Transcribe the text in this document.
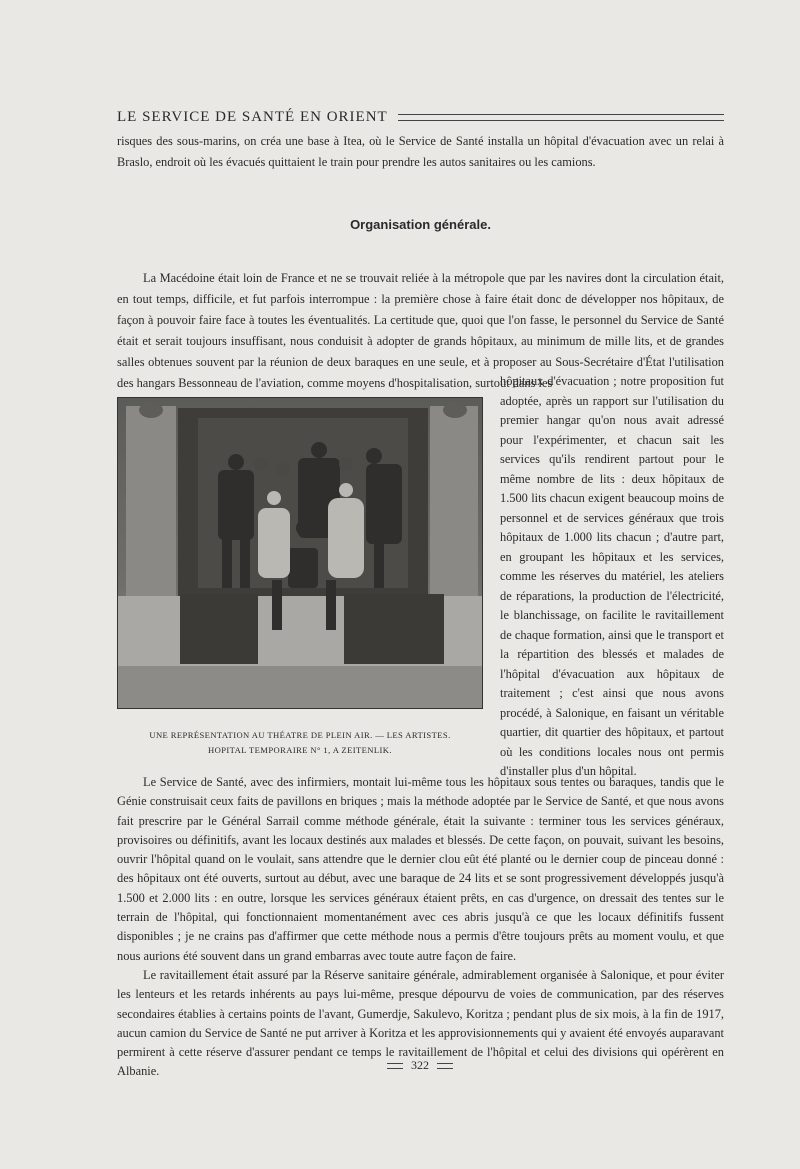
LE SERVICE DE SANTÉ EN ORIENT
risques des sous-marins, on créa une base à Itea, où le Service de Santé installa un hôpital d'évacuation avec un relai à Braslo, endroit où les évacués quittaient le train pour prendre les autos sanitaires ou les camions.
Organisation générale.

La Macédoine était loin de France et ne se trouvait reliée à la métropole que par les navires dont la circulation était, en tout temps, difficile, et fut parfois interrompue : la première chose à faire était donc de développer nos hôpitaux, de façon à pouvoir faire face à toutes les éventualités. La certitude que, quoi que l'on fasse, le personnel du Service de Santé était et serait toujours insuffisant, nous conduisit à adopter de grands hôpitaux, au minimum de mille lits, et de grandes salles obtenues souvent par la réunion de deux baraques en une seule, et à proposer au Sous-Secrétaire d'État l'utilisation des hangars Bessonneau de l'aviation, comme moyens d'hospitalisation, surtout dans les

UNE REPRÉSENTATION AU THÉATRE DE PLEIN AIR. — LES ARTISTES.
HOPITAL TEMPORAIRE N° 1, A ZEITENLIK.

hôpitaux d'évacuation ; notre proposition fut adoptée, après un rapport sur l'utilisation du premier hangar qu'on nous avait adressé pour l'expérimenter, et chacun sait les services qu'ils rendirent partout pour le même nombre de lits : deux hôpitaux de 1.500 lits chacun exigent beaucoup moins de personnel et de services généraux que trois hôpitaux de 1.000 lits chacun ; d'autre part, en groupant les hôpitaux et les services, comme les réserves du matériel, les ateliers de réparations, la production de l'électricité, le blanchissage, on facilite le ravitaillement de chaque formation, ainsi que le transport et la répartition des blessés et malades de l'hôpital d'évacuation aux hôpitaux de traitement ; c'est ainsi que nous avons procédé, à Salonique, en faisant un véritable quartier, dit quartier des hôpitaux, et partout où les conditions locales nous ont permis d'installer plus d'un hôpital.

Le Service de Santé, avec des infirmiers, montait lui-même tous les hôpitaux sous tentes ou baraques, tandis que le Génie construisait ceux faits de pavillons en briques ; mais la méthode adoptée par le Service de Santé, et que nous avons fait prescrire par le Général Sarrail comme méthode générale, était la suivante : terminer tous les services généraux, provisoires ou définitifs, avant les locaux destinés aux malades et blessés. De cette façon, on pouvait, suivant les besoins, ouvrir l'hôpital quand on le voulait, sans attendre que le dernier clou eût été planté ou le dernier coup de pinceau donné : des hôpitaux ont été ouverts, surtout au début, avec une baraque de 24 lits et se sont progressivement développés jusqu'à 1.500 et 2.000 lits : en outre, lorsque les services généraux étaient prêts, en cas d'urgence, on dressait des tentes sur le terrain de l'hôpital, qui fonctionnaient momentanément avec ces abris jusqu'à ce que les locaux définitifs fussent disponibles ; je ne crains pas d'affirmer que cette méthode nous a permis d'être toujours prêts au moment voulu, et que nous aurions été souvent dans un grand embarras avec toute autre façon de faire.

Le ravitaillement était assuré par la Réserve sanitaire générale, admirablement organisée à Salonique, et pour éviter les lenteurs et les retards inhérents au pays lui-même, presque dépourvu de voies de communication, par des réserves secondaires établies à certains points de l'avant, Gumerdje, Sakulevo, Koritza ; pendant plus de six mois, à la fin de 1917, aucun camion du Service de Santé ne put arriver à Koritza et les approvisionnements qui y avaient été envoyés auparavant permirent à cette réserve d'assurer pendant ce temps le ravitaillement de l'hôpital et celui des divisions qui opérèrent en Albanie.	322
